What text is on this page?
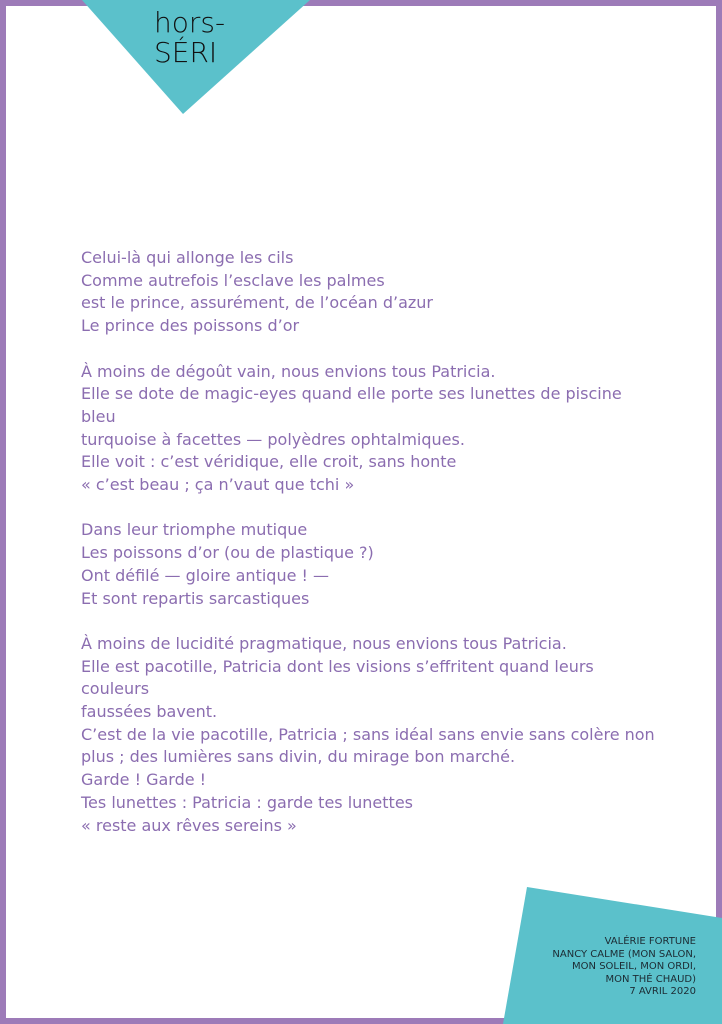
hors-
SÉRI
Celui-là qui allonge les cils
Comme autrefois l’esclave les palmes
est le prince, assurément, de l’océan d’azur
Le prince des poissons d’or
À moins de dégoût vain, nous envions tous Patricia.
Elle se dote de magic-eyes quand elle porte ses lunettes de piscine bleu
turquoise à facettes — polyèdres ophtalmiques.
Elle voit : c’est véridique, elle croit, sans honte
« c’est beau ; ça n’vaut que tchi »
Dans leur triomphe mutique
Les poissons d’or (ou de plastique ?)
Ont défilé — gloire antique ! —
Et sont repartis sarcastiques
À moins de lucidité pragmatique, nous envions tous Patricia.
Elle est pacotille, Patricia dont les visions s’effritent quand leurs couleurs
faussées bavent.
C’est de la vie pacotille, Patricia ; sans idéal sans envie sans colère non
plus ; des lumières sans divin, du mirage bon marché.
Garde ! Garde !
Tes lunettes : Patricia : garde tes lunettes
« reste aux rêves sereins »
VALÉRIE FORTUNE
NANCY CALME (MON SALON,
MON SOLEIL, MON ORDI,
MON THÉ CHAUD)
7 AVRIL 2020
